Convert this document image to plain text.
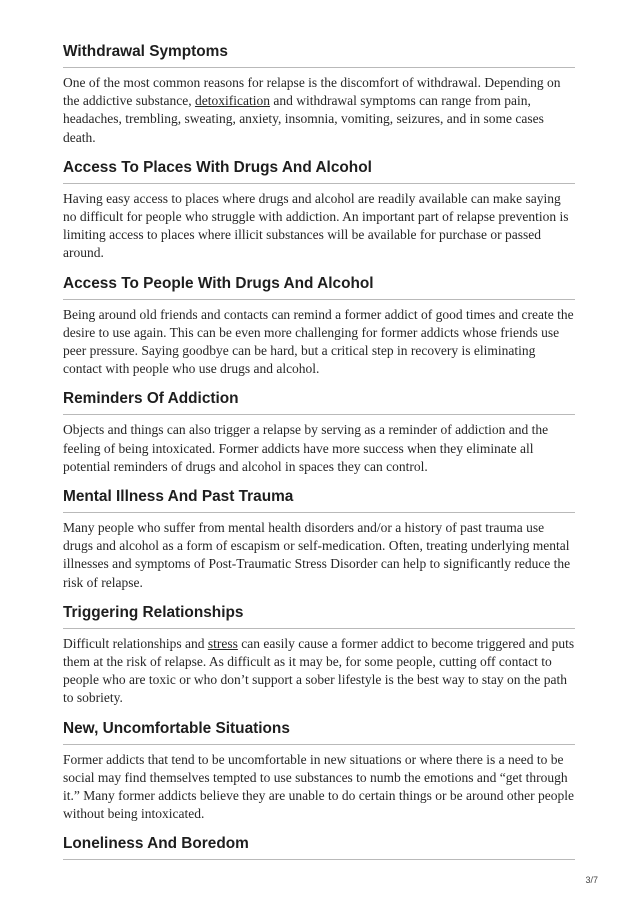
Withdrawal Symptoms

One of the most common reasons for relapse is the discomfort of withdrawal. Depending on the addictive substance, detoxification and withdrawal symptoms can range from pain, headaches, trembling, sweating, anxiety, insomnia, vomiting, seizures, and in some cases death.

Access To Places With Drugs And Alcohol

Having easy access to places where drugs and alcohol are readily available can make saying no difficult for people who struggle with addiction. An important part of relapse prevention is limiting access to places where illicit substances will be available for purchase or passed around.

Access To People With Drugs And Alcohol

Being around old friends and contacts can remind a former addict of good times and create the desire to use again. This can be even more challenging for former addicts whose friends use peer pressure. Saying goodbye can be hard, but a critical step in recovery is eliminating contact with people who use drugs and alcohol.

Reminders Of Addiction

Objects and things can also trigger a relapse by serving as a reminder of addiction and the feeling of being intoxicated. Former addicts have more success when they eliminate all potential reminders of drugs and alcohol in spaces they can control.

Mental Illness And Past Trauma

Many people who suffer from mental health disorders and/or a history of past trauma use drugs and alcohol as a form of escapism or self-medication. Often, treating underlying mental illnesses and symptoms of Post-Traumatic Stress Disorder can help to significantly reduce the risk of relapse.

Triggering Relationships

Difficult relationships and stress can easily cause a former addict to become triggered and puts them at the risk of relapse. As difficult as it may be, for some people, cutting off contact to people who are toxic or who don’t support a sober lifestyle is the best way to stay on the path to sobriety.

New, Uncomfortable Situations

Former addicts that tend to be uncomfortable in new situations or where there is a need to be social may find themselves tempted to use substances to numb the emotions and “get through it.” Many former addicts believe they are unable to do certain things or be around other people without being intoxicated.

Loneliness And Boredom
3/7
